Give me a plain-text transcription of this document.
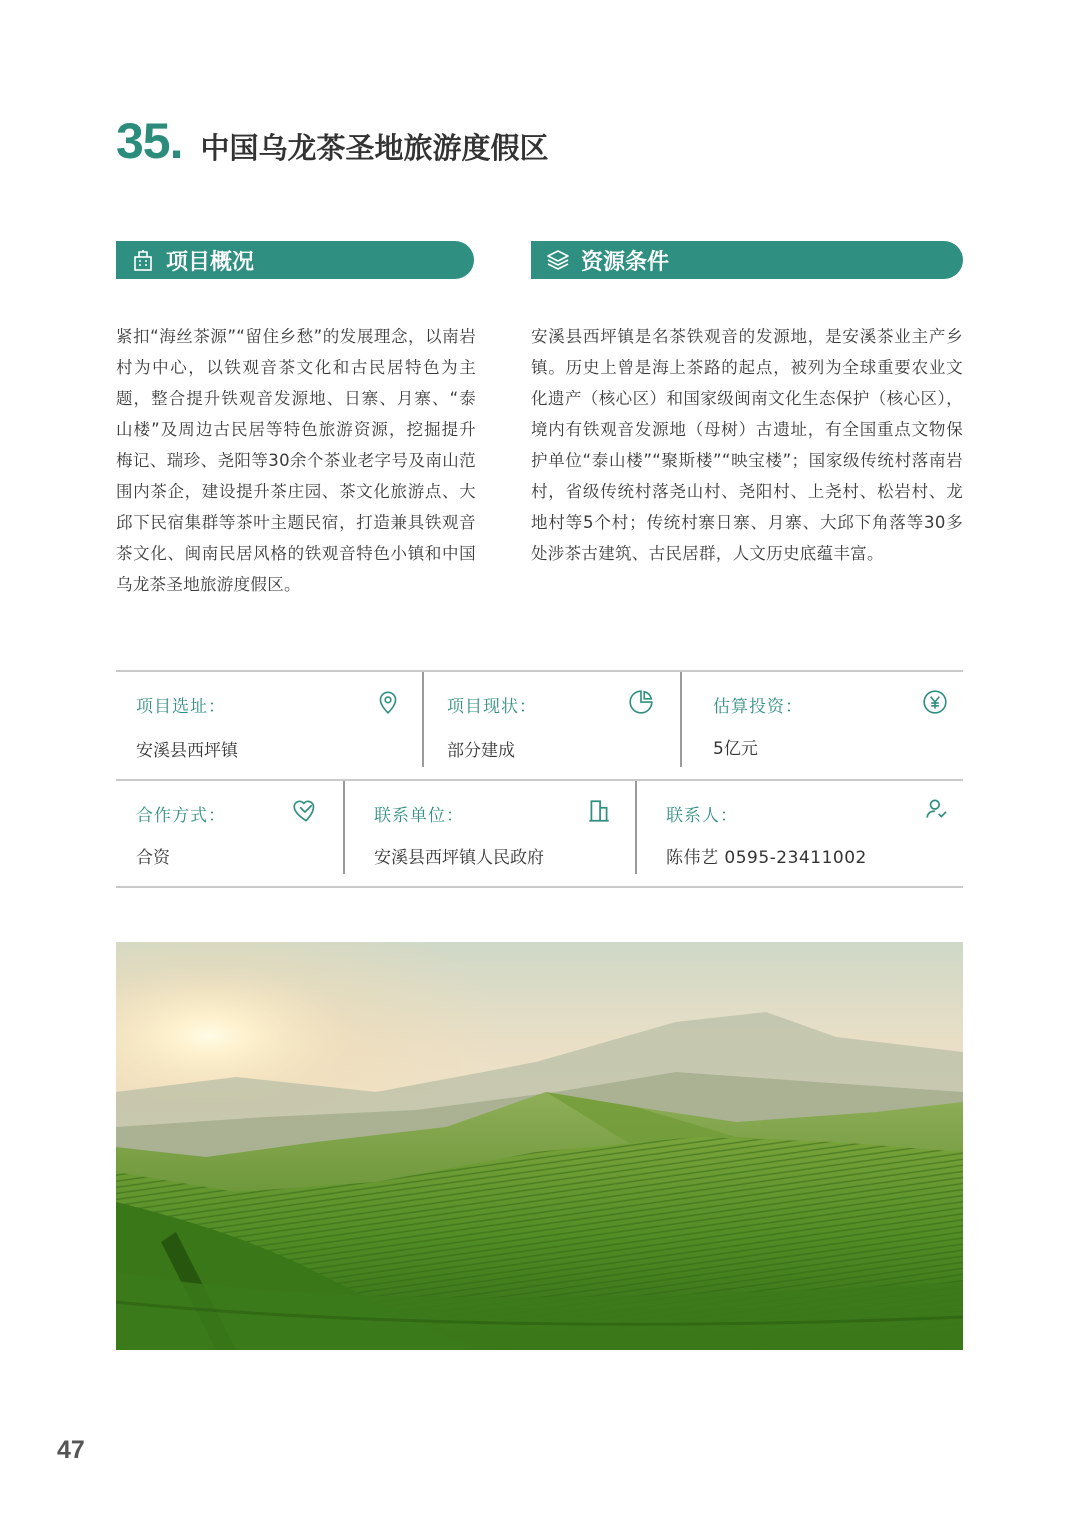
35. 中国乌龙茶圣地旅游度假区
项目概况	资源条件
紧扣“海丝茶源”“留住乡愁”的发展理念，以南岩村为中心，以铁观音茶文化和古民居特色为主题，整合提升铁观音发源地、日寨、月寨、“泰山楼”及周边古民居等特色旅游资源，挖掘提升梅记、瑞珍、尧阳等30余个茶业老字号及南山范围内茶企，建设提升茶庄园、茶文化旅游点、大邱下民宿集群等茶叶主题民宿，打造兼具铁观音茶文化、闽南民居风格的铁观音特色小镇和中国乌龙茶圣地旅游度假区。
安溪县西坪镇是名茶铁观音的发源地，是安溪茶业主产乡镇。历史上曾是海上茶路的起点，被列为全球重要农业文化遗产（核心区）和国家级闽南文化生态保护（核心区），境内有铁观音发源地（母树）古遗址，有全国重点文物保护单位“泰山楼”“聚斯楼”“映宝楼”；国家级传统村落南岩村，省级传统村落尧山村、尧阳村、上尧村、松岩村、龙地村等5个村；传统村寨日寨、月寨、大邱下角落等30多处涉茶古建筑、古民居群，人文历史底蕴丰富。
项目选址：
安溪县西坪镇
项目现状：
部分建成
估算投资：
5亿元
合作方式：
合资
联系单位：
安溪县西坪镇人民政府
联系人：
陈伟艺 0595-23411002
47
